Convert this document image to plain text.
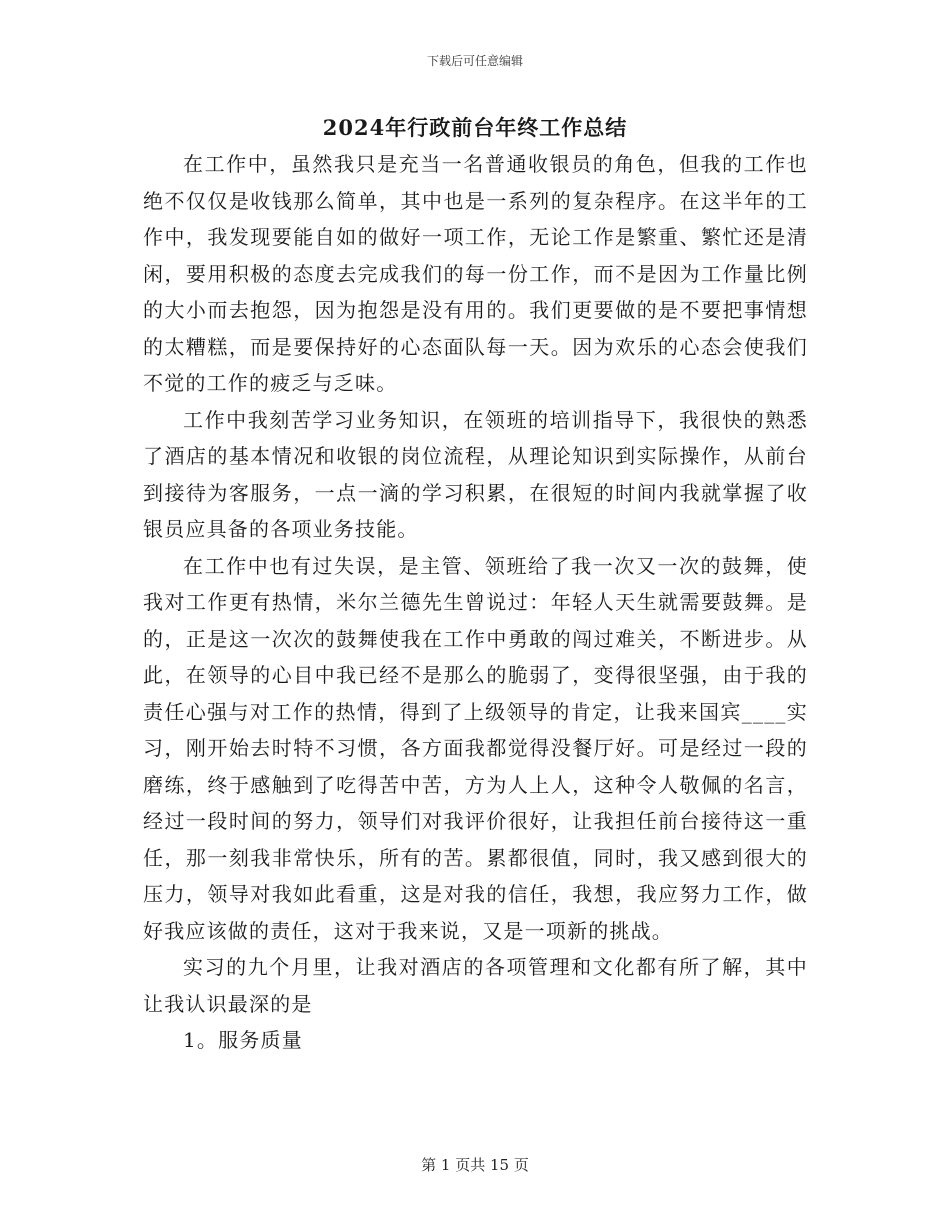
下载后可任意编辑
2024年行政前台年终工作总结

在工作中，虽然我只是充当一名普通收银员的角色，但我的工作也绝不仅仅是收钱那么简单，其中也是一系列的复杂程序。在这半年的工作中，我发现要能自如的做好一项工作，无论工作是繁重、繁忙还是清闲，要用积极的态度去完成我们的每一份工作，而不是因为工作量比例的大小而去抱怨，因为抱怨是没有用的。我们更要做的是不要把事情想的太糟糕，而是要保持好的心态面队每一天。因为欢乐的心态会使我们不觉的工作的疲乏与乏味。

工作中我刻苦学习业务知识，在领班的培训指导下，我很快的熟悉了酒店的基本情况和收银的岗位流程，从理论知识到实际操作，从前台到接待为客服务，一点一滴的学习积累，在很短的时间内我就掌握了收银员应具备的各项业务技能。

在工作中也有过失误，是主管、领班给了我一次又一次的鼓舞，使我对工作更有热情，米尔兰德先生曾说过：年轻人天生就需要鼓舞。是的，正是这一次次的鼓舞使我在工作中勇敢的闯过难关，不断进步。从此，在领导的心目中我已经不是那么的脆弱了，变得很坚强，由于我的责任心强与对工作的热情，得到了上级领导的肯定，让我来国宾____实习，刚开始去时特不习惯，各方面我都觉得没餐厅好。可是经过一段的磨练，终于感触到了吃得苦中苦，方为人上人，这种令人敬佩的名言，经过一段时间的努力，领导们对我评价很好，让我担任前台接待这一重任，那一刻我非常快乐，所有的苦。累都很值，同时，我又感到很大的压力，领导对我如此看重，这是对我的信任，我想，我应努力工作，做好我应该做的责任，这对于我来说，又是一项新的挑战。

实习的九个月里，让我对酒店的各项管理和文化都有所了解，其中让我认识最深的是

1。服务质量

第 1 页共 15 页
